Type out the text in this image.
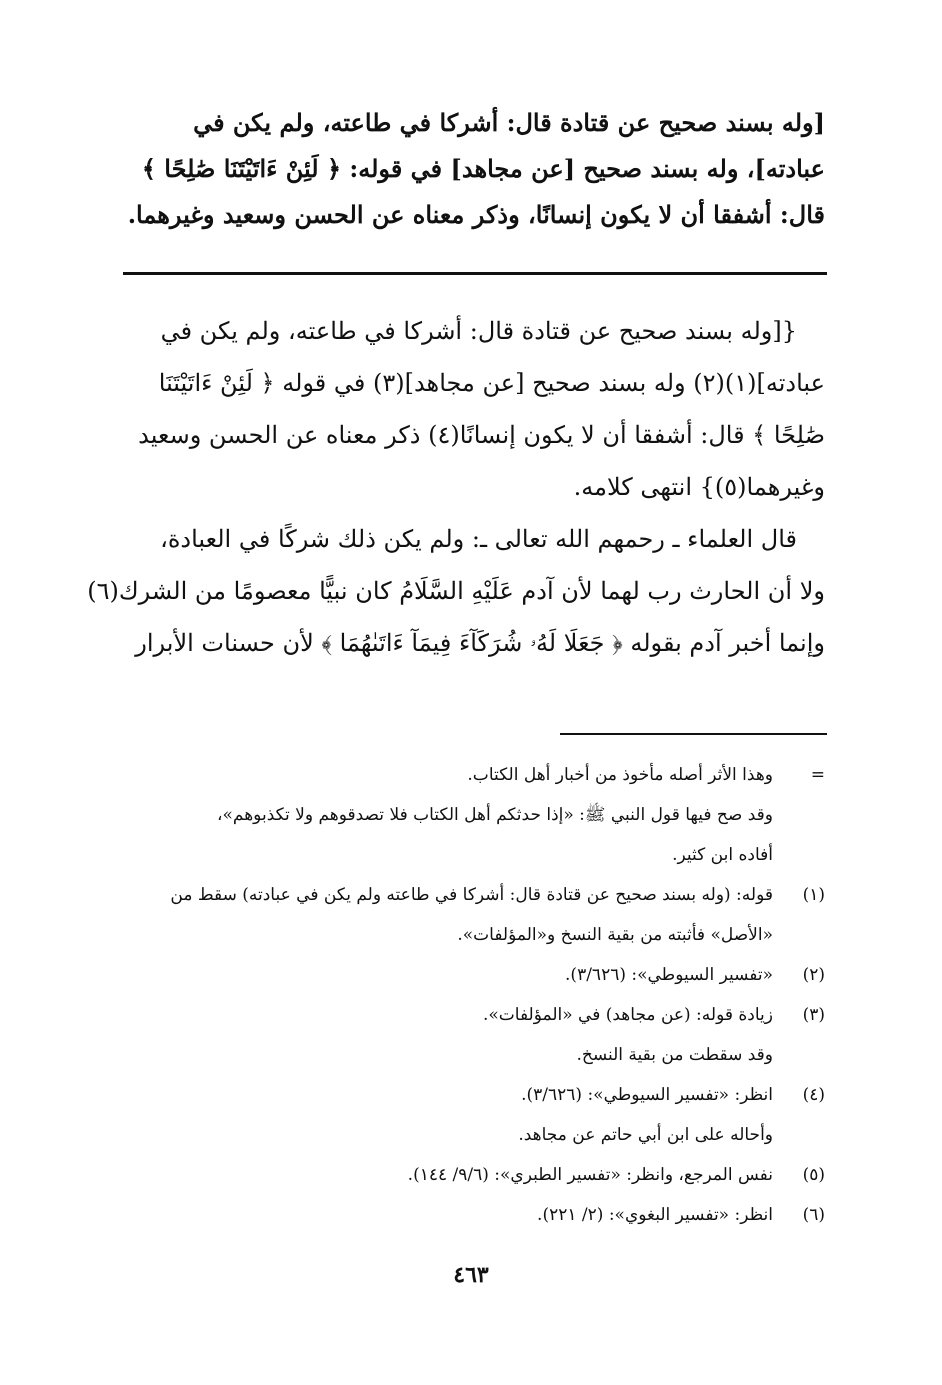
[وله بسند صحيح عن قتادة قال: أشركا في طاعته، ولم يكن في
عبادته]، وله بسند صحيح [عن مجاهد] في قوله: ﴿ لَئِنْ ءَاتَيْتَنَا صَٰلِحًا ﴾
قال: أشفقا أن لا يكون إنسانًا، وذكر معناه عن الحسن وسعيد وغيرهما.
{[وله بسند صحيح عن قتادة قال: أشركا في طاعته، ولم يكن في
عبادته](١)(٢) وله بسند صحيح [عن مجاهد](٣) في قوله ﴿ لَئِنْ ءَاتَيْتَنَا
صَٰلِحًا ﴾ قال: أشفقا أن لا يكون إنسانًا(٤) ذكر معناه عن الحسن وسعيد
وغيرهما(٥)} انتهى كلامه.
قال العلماء ـ رحمهم الله تعالى ـ: ولم يكن ذلك شركًا في العبادة،
ولا أن الحارث رب لهما لأن آدم عَلَيْهِ السَّلَامُ كان نبيًّا معصومًا من الشرك(٦)
وإنما أخبر آدم بقوله ﴿ جَعَلَا لَهُۥ شُرَكَآءَ فِيمَآ ءَاتَىٰهُمَا ﴾ لأن حسنات الأبرار
=
وهذا الأثر أصله مأخوذ من أخبار أهل الكتاب.
وقد صح فيها قول النبي ﷺ: «إذا حدثكم أهل الكتاب فلا تصدقوهم ولا تكذبوهم»،
أفاده ابن كثير.
(١)
قوله: (وله بسند صحيح عن قتادة قال: أشركا في طاعته ولم يكن في عبادته) سقط من
«الأصل» فأثبته من بقية النسخ و«المؤلفات».
(٢)
«تفسير السيوطي»: (٣/٦٢٦).
(٣)
زيادة قوله: (عن مجاهد) في «المؤلفات».
وقد سقطت من بقية النسخ.
(٤)
انظر: «تفسير السيوطي»: (٣/٦٢٦).
وأحاله على ابن أبي حاتم عن مجاهد.
(٥)
نفس المرجع، وانظر: «تفسير الطبري»: (٩/٦/ ١٤٤).
(٦)
انظر: «تفسير البغوي»: (٢/ ٢٢١).
٤٦٣
